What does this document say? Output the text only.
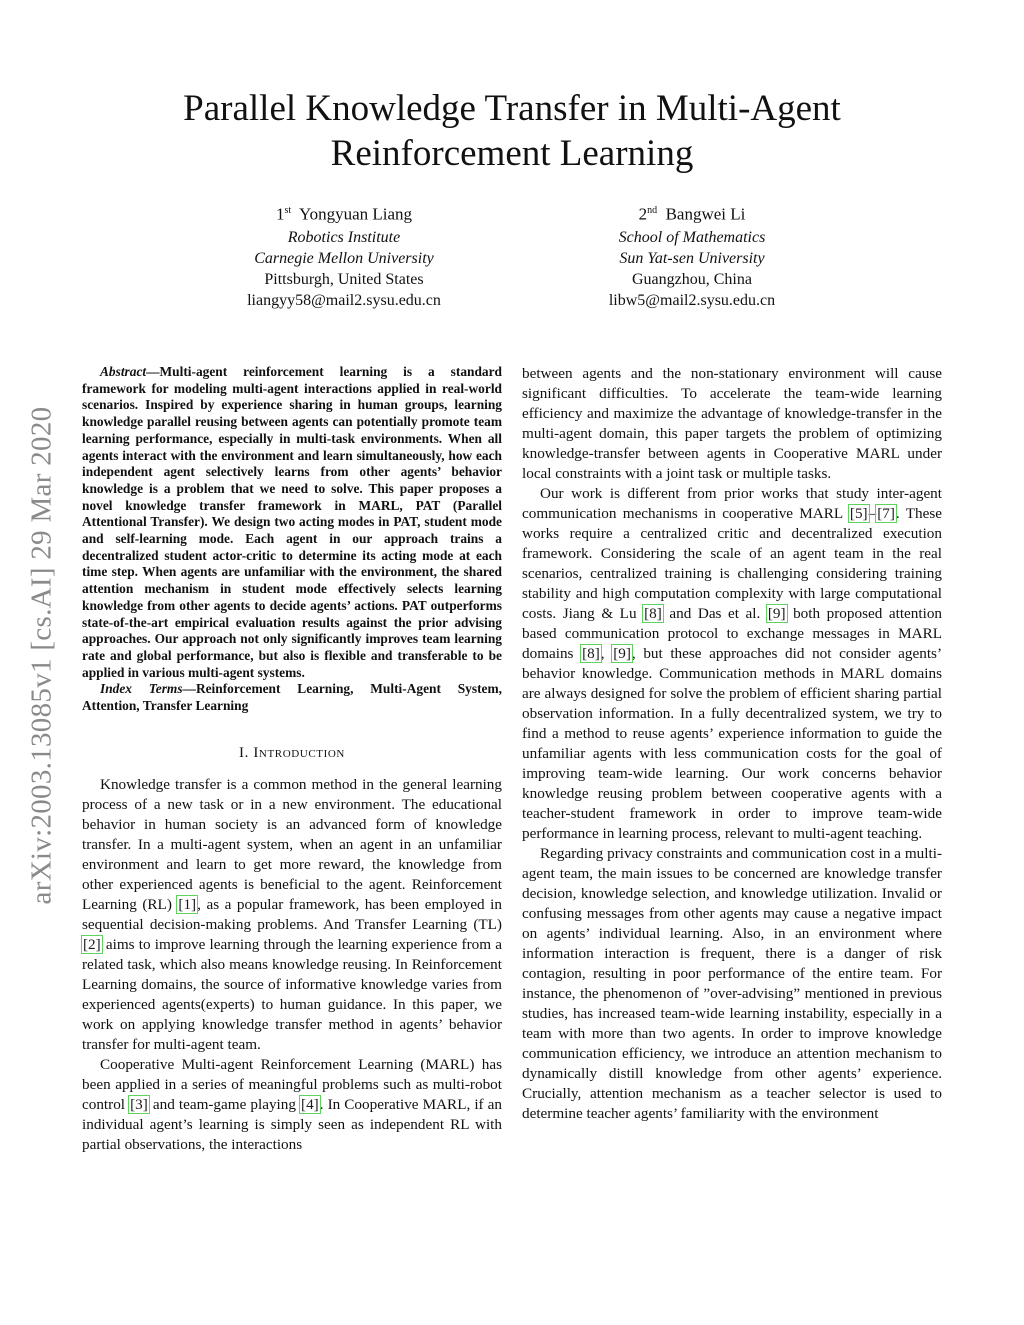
arXiv:2003.13085v1 [cs.AI] 29 Mar 2020
Parallel Knowledge Transfer in Multi-Agent
Reinforcement Learning
1st Yongyuan Liang
Robotics Institute
Carnegie Mellon University
Pittsburgh, United States
liangyy58@mail2.sysu.edu.cn
2nd Bangwei Li
School of Mathematics
Sun Yat-sen University
Guangzhou, China
libw5@mail2.sysu.edu.cn

Abstract—Multi-agent reinforcement learning is a standard framework for modeling multi-agent interactions applied in real-world scenarios. Inspired by experience sharing in human groups, learning knowledge parallel reusing between agents can potentially promote team learning performance, especially in multi-task environments. When all agents interact with the environment and learn simultaneously, how each independent agent selectively learns from other agents’ behavior knowledge is a problem that we need to solve. This paper proposes a novel knowledge transfer framework in MARL, PAT (Parallel Attentional Transfer). We design two acting modes in PAT, student mode and self-learning mode. Each agent in our approach trains a decentralized student actor-critic to determine its acting mode at each time step. When agents are unfamiliar with the environment, the shared attention mechanism in student mode effectively selects learning knowledge from other agents to decide agents’ actions. PAT outperforms state-of-the-art empirical evaluation results against the prior advising approaches. Our approach not only significantly improves team learning rate and global performance, but also is flexible and transferable to be applied in various multi-agent systems.

Index Terms—Reinforcement Learning, Multi-Agent System, Attention, Transfer Learning

I. Introduction

Knowledge transfer is a common method in the general learning process of a new task or in a new environment. The educational behavior in human society is an advanced form of knowledge transfer. In a multi-agent system, when an agent in an unfamiliar environment and learn to get more reward, the knowledge from other experienced agents is beneficial to the agent. Reinforcement Learning (RL) [1], as a popular framework, has been employed in sequential decision-making problems. And Transfer Learning (TL) [2] aims to improve learning through the learning experience from a related task, which also means knowledge reusing. In Reinforcement Learning domains, the source of informative knowledge varies from experienced agents(experts) to human guidance. In this paper, we work on applying knowledge transfer method in agents’ behavior transfer for multi-agent team.

Cooperative Multi-agent Reinforcement Learning (MARL) has been applied in a series of meaningful problems such as multi-robot control [3] and team-game playing [4]. In Cooperative MARL, if an individual agent’s learning is simply seen as independent RL with partial observations, the interactions

between agents and the non-stationary environment will cause significant difficulties. To accelerate the team-wide learning efficiency and maximize the advantage of knowledge-transfer in the multi-agent domain, this paper targets the problem of optimizing knowledge-transfer between agents in Cooperative MARL under local constraints with a joint task or multiple tasks.

Our work is different from prior works that study inter-agent communication mechanisms in cooperative MARL [5]–[7]. These works require a centralized critic and decentralized execution framework. Considering the scale of an agent team in the real scenarios, centralized training is challenging considering training stability and high computation complexity with large computational costs. Jiang & Lu [8] and Das et al. [9] both proposed attention based communication protocol to exchange messages in MARL domains [8], [9], but these approaches did not consider agents’ behavior knowledge. Communication methods in MARL domains are always designed for solve the problem of efficient sharing partial observation information. In a fully decentralized system, we try to find a method to reuse agents’ experience information to guide the unfamiliar agents with less communication costs for the goal of improving team-wide learning. Our work concerns behavior knowledge reusing problem between cooperative agents with a teacher-student framework in order to improve team-wide performance in learning process, relevant to multi-agent teaching.

Regarding privacy constraints and communication cost in a multi-agent team, the main issues to be concerned are knowledge transfer decision, knowledge selection, and knowledge utilization. Invalid or confusing messages from other agents may cause a negative impact on agents’ individual learning. Also, in an environment where information interaction is frequent, there is a danger of risk contagion, resulting in poor performance of the entire team. For instance, the phenomenon of ”over-advising” mentioned in previous studies, has increased team-wide learning instability, especially in a team with more than two agents. In order to improve knowledge communication efficiency, we introduce an attention mechanism to dynamically distill knowledge from other agents’ experience. Crucially, attention mechanism as a teacher selector is used to determine teacher agents’ familiarity with the environment
